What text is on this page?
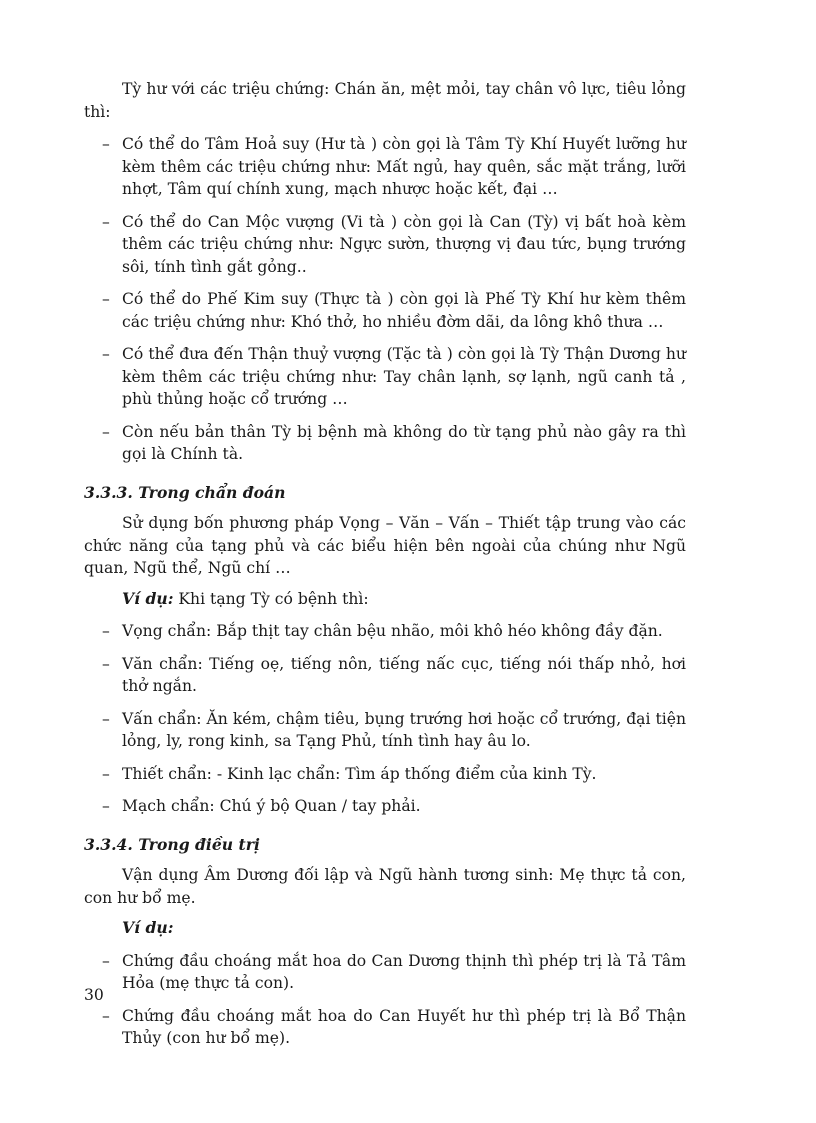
Tỳ hư với các triệu chứng: Chán ăn, mệt mỏi, tay chân vô lực, tiêu lỏng thì:

– Có thể do Tâm Hoả suy (Hư tà ) còn gọi là Tâm Tỳ Khí Huyết lưỡng hư kèm thêm các triệu chứng như: Mất ngủ, hay quên, sắc mặt trắng, lưỡi nhợt, Tâm quí chính xung, mạch nhược hoặc kết, đại …
– Có thể do Can Mộc vượng (Vi tà ) còn gọi là Can (Tỳ) vị bất hoà kèm thêm các triệu chứng như: Ngực sườn, thượng vị đau tức, bụng trướng sôi, tính tình gắt gỏng..
– Có thể do Phế Kim suy (Thực tà ) còn gọi là Phế Tỳ Khí hư kèm thêm các triệu chứng như: Khó thở, ho nhiều đờm dãi, da lông khô thưa …
– Có thể đưa đến Thận thuỷ vượng (Tặc tà ) còn gọi là Tỳ Thận Dương hư kèm thêm các triệu chứng như: Tay chân lạnh, sợ lạnh, ngũ canh tả , phù thủng hoặc cổ trướng …
– Còn nếu bản thân Tỳ bị bệnh mà không do từ tạng phủ nào gây ra thì gọi là Chính tà.

3.3.3. Trong chẩn đoán

Sử dụng bốn phương pháp Vọng – Văn – Vấn – Thiết tập trung vào các chức năng của tạng phủ và các biểu hiện bên ngoài của chúng như Ngũ quan, Ngũ thể, Ngũ chí …

Ví dụ: Khi tạng Tỳ có bệnh thì:

– Vọng chẩn: Bắp thịt tay chân bệu nhão, môi khô héo không đầy đặn.
– Văn chẩn: Tiếng oẹ, tiếng nôn, tiếng nấc cục, tiếng nói thấp nhỏ, hơi thở ngắn.
– Vấn chẩn: Ăn kém, chậm tiêu, bụng trướng hơi hoặc cổ trướng, đại tiện lỏng, ly, rong kinh, sa Tạng Phủ, tính tình hay âu lo.
– Thiết chẩn: - Kinh lạc chẩn: Tìm áp thống điểm của kinh Tỳ.
– Mạch chẩn: Chú ý bộ Quan / tay phải.

3.3.4. Trong điều trị

Vận dụng Âm Dương đối lập và Ngũ hành tương sinh: Mẹ thực tả con, con hư bổ mẹ.

Ví dụ:

– Chứng đầu choáng mắt hoa do Can Dương thịnh thì phép trị là Tả Tâm Hỏa (mẹ thực tả con).
– Chứng đầu choáng mắt hoa do Can Huyết hư thì phép trị là Bổ Thận Thủy (con hư bổ mẹ).
30
